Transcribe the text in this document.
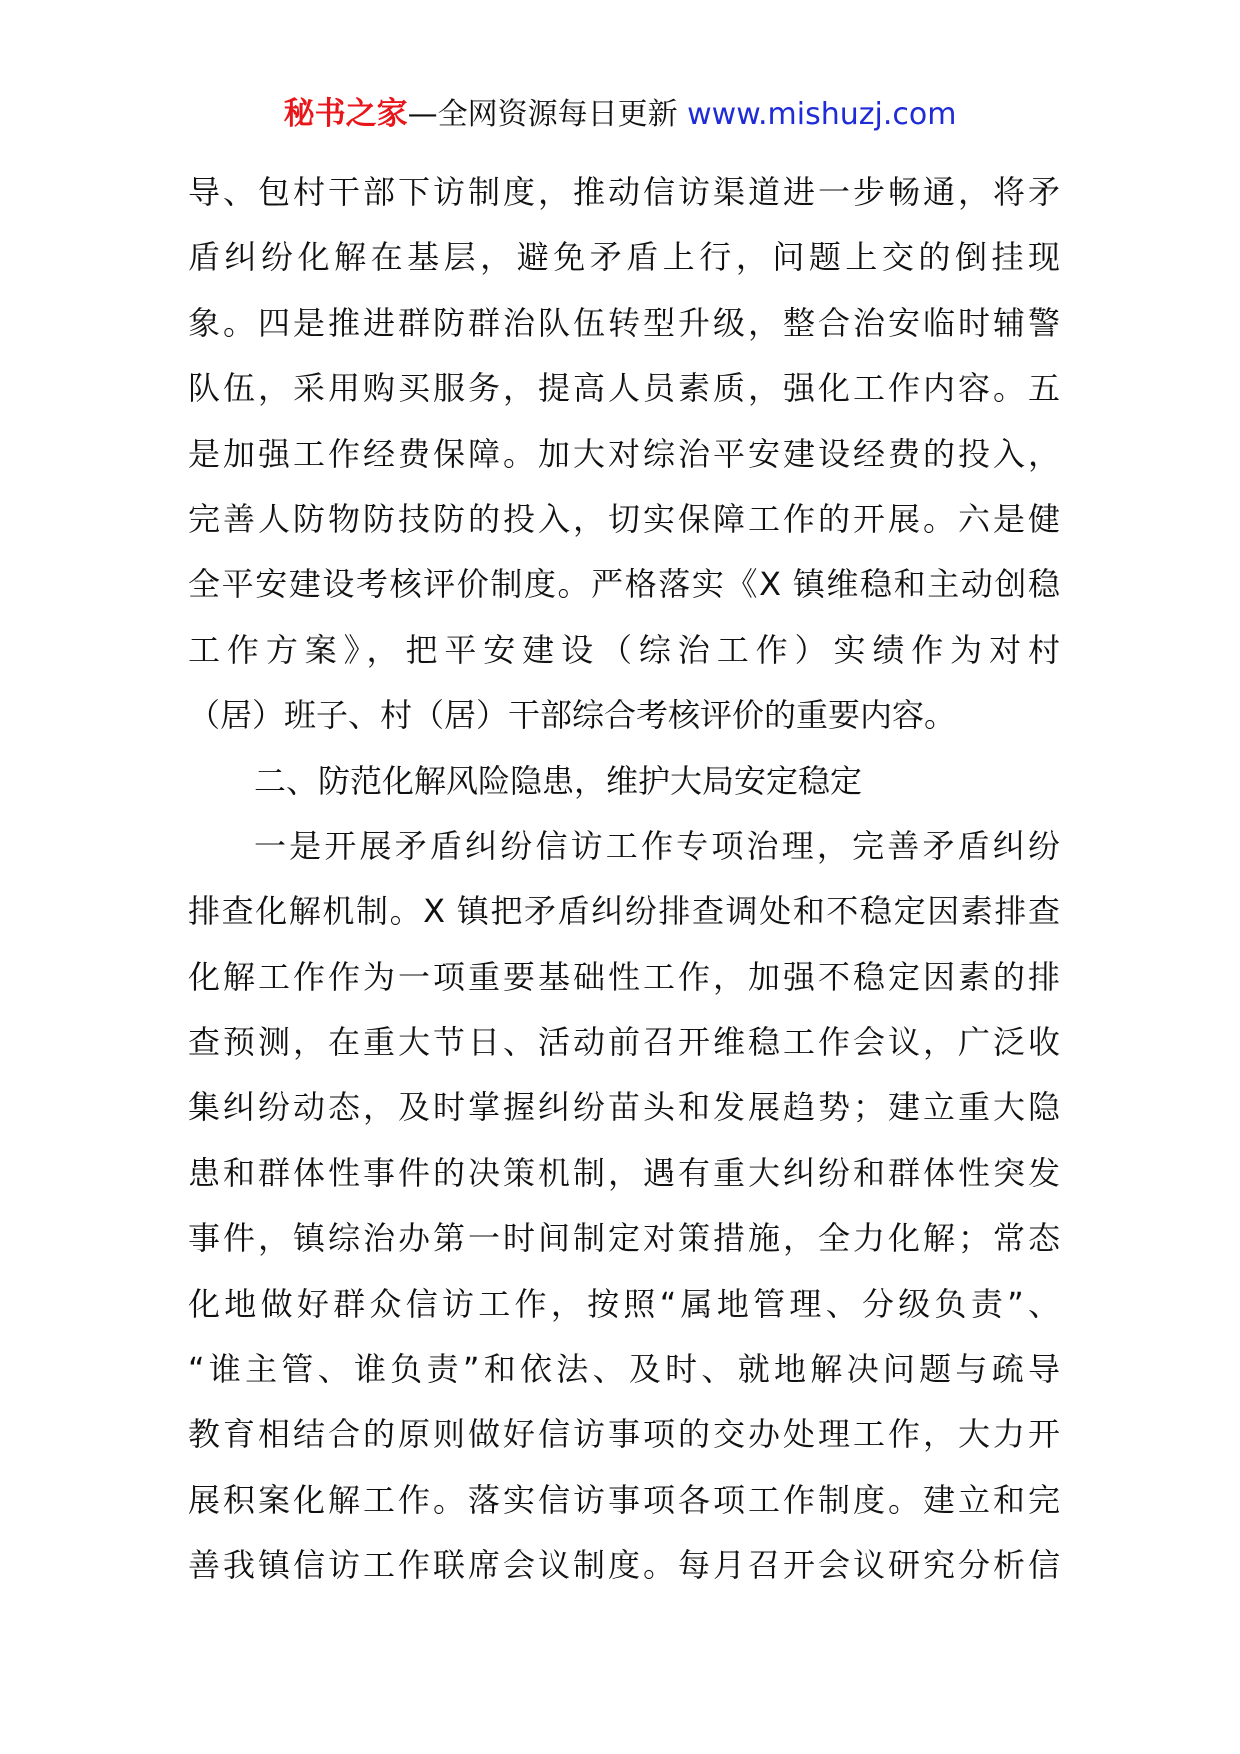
秘书之家—全网资源每日更新 www.mishuzj.com
导、包村干部下访制度，推动信访渠道进一步畅通，将矛
盾纠纷化解在基层，避免矛盾上行，问题上交的倒挂现
象。四是推进群防群治队伍转型升级，整合治安临时辅警
队伍，采用购买服务，提高人员素质，强化工作内容。五
是加强工作经费保障。加大对综治平安建设经费的投入，
完善人防物防技防的投入，切实保障工作的开展。六是健
全平安建设考核评价制度。严格落实《X 镇维稳和主动创稳
工作方案》，把平安建设（综治工作）实绩作为对村
（居）班子、村（居）干部综合考核评价的重要内容。
二、防范化解风险隐患，维护大局安定稳定
一是开展矛盾纠纷信访工作专项治理，完善矛盾纠纷
排查化解机制。X 镇把矛盾纠纷排查调处和不稳定因素排查
化解工作作为一项重要基础性工作，加强不稳定因素的排
查预测，在重大节日、活动前召开维稳工作会议，广泛收
集纠纷动态，及时掌握纠纷苗头和发展趋势；建立重大隐
患和群体性事件的决策机制，遇有重大纠纷和群体性突发
事件，镇综治办第一时间制定对策措施，全力化解；常态
化地做好群众信访工作，按照“属地管理、分级负责”、
“谁主管、谁负责”和依法、及时、就地解决问题与疏导
教育相结合的原则做好信访事项的交办处理工作，大力开
展积案化解工作。落实信访事项各项工作制度。建立和完
善我镇信访工作联席会议制度。每月召开会议研究分析信
